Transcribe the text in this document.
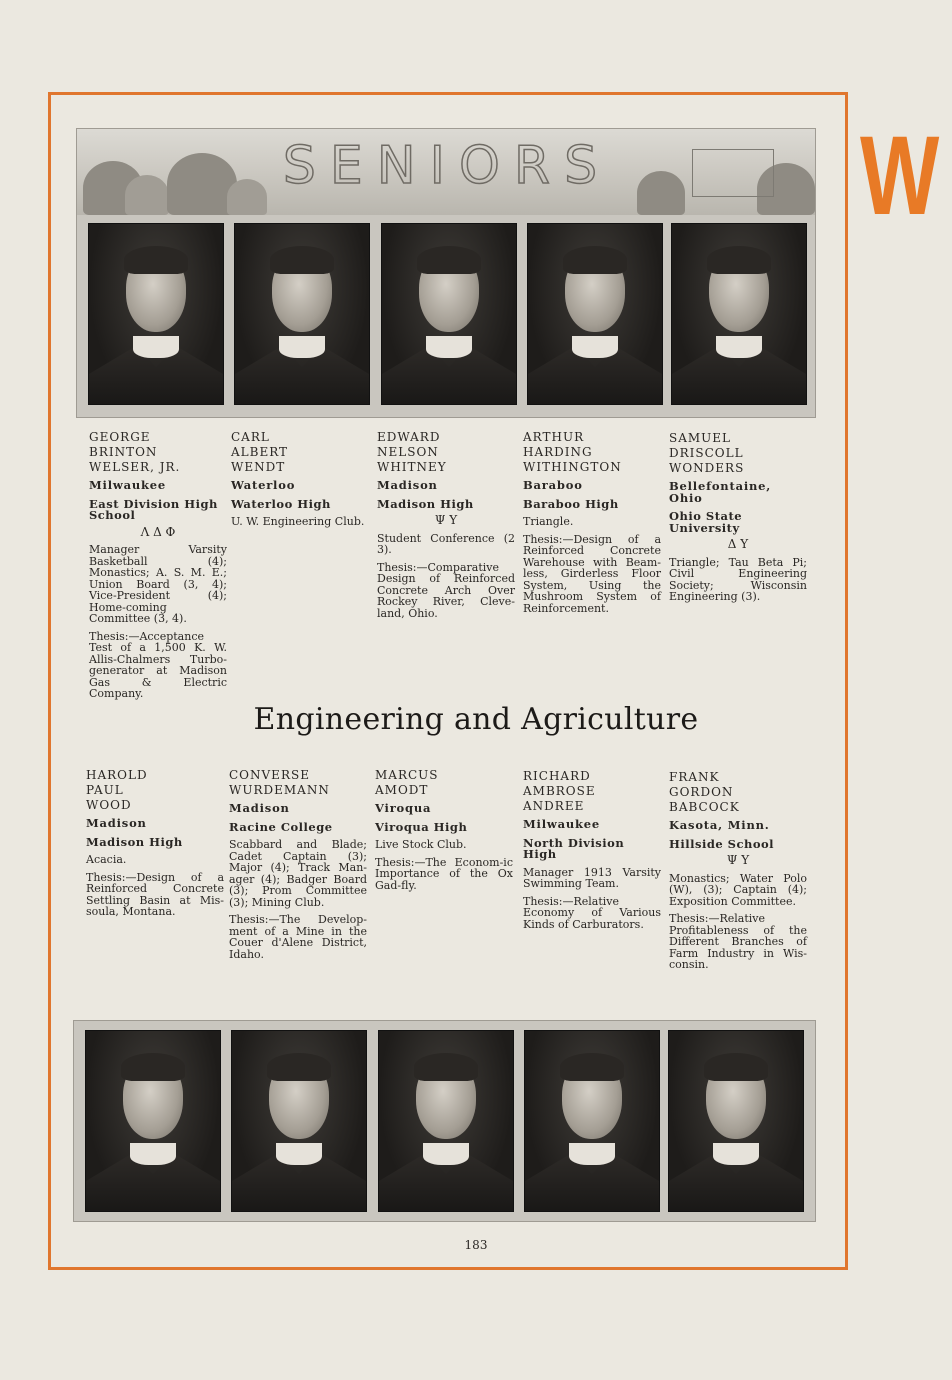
W
SENIORS
GEORGE
BRINTON
WELSER, JR.
Milwaukee
East Division High School
Λ Δ Φ
Manager Varsity Basketball (4); Monastics; A. S. M. E.; Union Board (3, 4); Vice-President (4); Home-coming Committee (3, 4).
Thesis:—Acceptance Test of a 1,500 K. W. Allis-Chalmers Turbo-generator at Madison Gas & Electric Company.
CARL
ALBERT
WENDT
Waterloo
Waterloo High
U. W. Engineering Club.
EDWARD
NELSON
WHITNEY
Madison
Madison High
Ψ Υ
Student Conference (2 3).
Thesis:—Comparative Design of Reinforced Concrete Arch Over Rockey River, Cleve-land, Ohio.
ARTHUR
HARDING
WITHINGTON
Baraboo
Baraboo High
Triangle.
Thesis:—Design of a Reinforced Concrete Warehouse with Beam-less, Girderless Floor System, Using the Mushroom System of Reinforcement.
SAMUEL
DRISCOLL
WONDERS
Bellefontaine, Ohio
Ohio State University
Δ Υ
Triangle; Tau Beta Pi; Civil Engineering Society; Wisconsin Engineering (3).
Engineering and Agriculture
HAROLD
PAUL
WOOD
Madison
Madison High
Acacia.
Thesis:—Design of a Reinforced Concrete Settling Basin at Mis-soula, Montana.
CONVERSE
WURDEMANN
Madison
Racine College
Scabbard and Blade; Cadet Captain (3); Major (4); Track Man-ager (4); Badger Board (3); Prom Committee (3); Mining Club.
Thesis:—The Develop-ment of a Mine in the Couer d'Alene District, Idaho.
MARCUS
AMODT
Viroqua
Viroqua High
Live Stock Club.
Thesis:—The Econom-ic Importance of the Ox Gad-fly.
RICHARD
AMBROSE
ANDREE
Milwaukee
North Division High
Manager 1913 Varsity Swimming Team.
Thesis:—Relative Economy of Various Kinds of Carburators.
FRANK
GORDON
BABCOCK
Kasota, Minn.
Hillside School
Ψ Υ
Monastics; Water Polo (W), (3); Captain (4); Exposition Committee.
Thesis:—Relative Profitableness of the Different Branches of Farm Industry in Wis-consin.
183
